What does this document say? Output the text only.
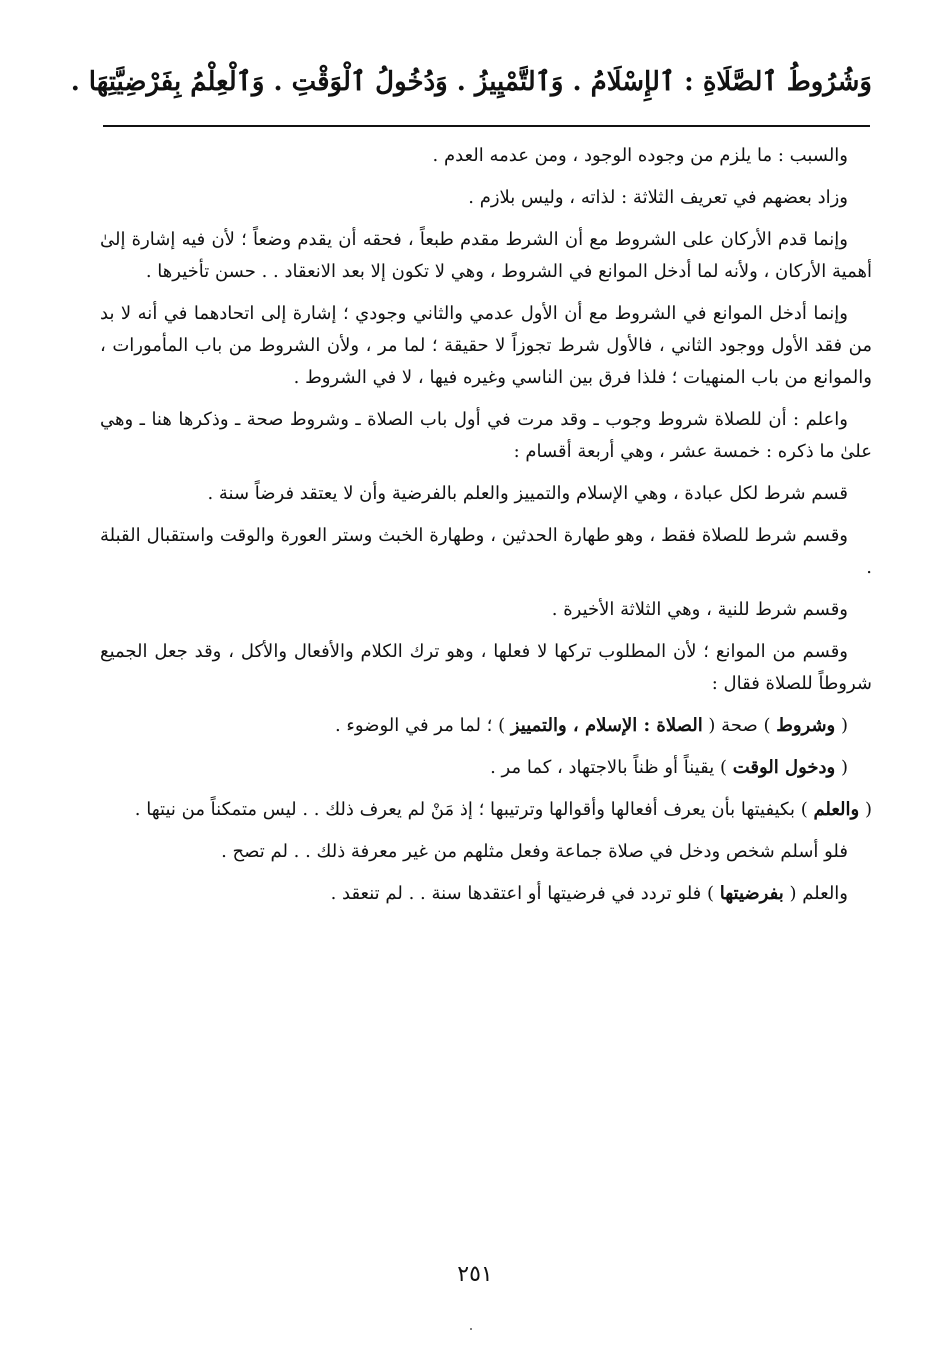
وَشُرُوطُ ٱلصَّلَاةِ : ٱلإِسْلَامُ . وَٱلتَّمْيِيزُ . وَدُخُولُ ٱلْوَقْتِ . وَٱلْعِلْمُ بِفَرْضِيَّتِهَا .

والسبب : ما يلزم من وجوده الوجود ، ومن عدمه العدم .

وزاد بعضهم في تعريف الثلاثة : لذاته ، وليس بلازم .

وإنما قدم الأركان على الشروط مع أن الشرط مقدم طبعاً ، فحقه أن يقدم وضعاً ؛ لأن فيه إشارة إلىٰ أهمية الأركان ، ولأنه لما أدخل الموانع في الشروط ، وهي لا تكون إلا بعد الانعقاد . . حسن تأخيرها .

وإنما أدخل الموانع في الشروط مع أن الأول عدمي والثاني وجودي ؛ إشارة إلى اتحادهما في أنه لا بد من فقد الأول ووجود الثاني ، فالأول شرط تجوزاً لا حقيقة ؛ لما مر ، ولأن الشروط من باب المأمورات ، والموانع من باب المنهيات ؛ فلذا فرق بين الناسي وغيره فيها ، لا في الشروط .

واعلم : أن للصلاة شروط وجوب ـ وقد مرت في أول باب الصلاة ـ وشروط صحة ـ وذكرها هنا ـ وهي علىٰ ما ذكره : خمسة عشر ، وهي أربعة أقسام :

قسم شرط لكل عبادة ، وهي الإسلام والتمييز والعلم بالفرضية وأن لا يعتقد فرضاً سنة .

وقسم شرط للصلاة فقط ، وهو طهارة الحدثين ، وطهارة الخبث وستر العورة والوقت واستقبال القبلة .

وقسم شرط للنية ، وهي الثلاثة الأخيرة .

وقسم من الموانع ؛ لأن المطلوب تركها لا فعلها ، وهو ترك الكلام والأفعال والأكل ، وقد جعل الجميع شروطاً للصلاة فقال :

( وشروط ) صحة ( الصلاة : الإسلام ، والتمييز ) ؛ لما مر في الوضوء .

( ودخول الوقت ) يقيناً أو ظناً بالاجتهاد ، كما مر .

( والعلم ) بكيفيتها بأن يعرف أفعالها وأقوالها وترتيبها ؛ إذ مَنْ لم يعرف ذلك . . ليس متمكناً من نيتها .

فلو أسلم شخص ودخل في صلاة جماعة وفعل مثلهم من غير معرفة ذلك . . لم تصح .

والعلم ( بفرضيتها ) فلو تردد في فرضيتها أو اعتقدها سنة . . لم تنعقد .

٢٥١
